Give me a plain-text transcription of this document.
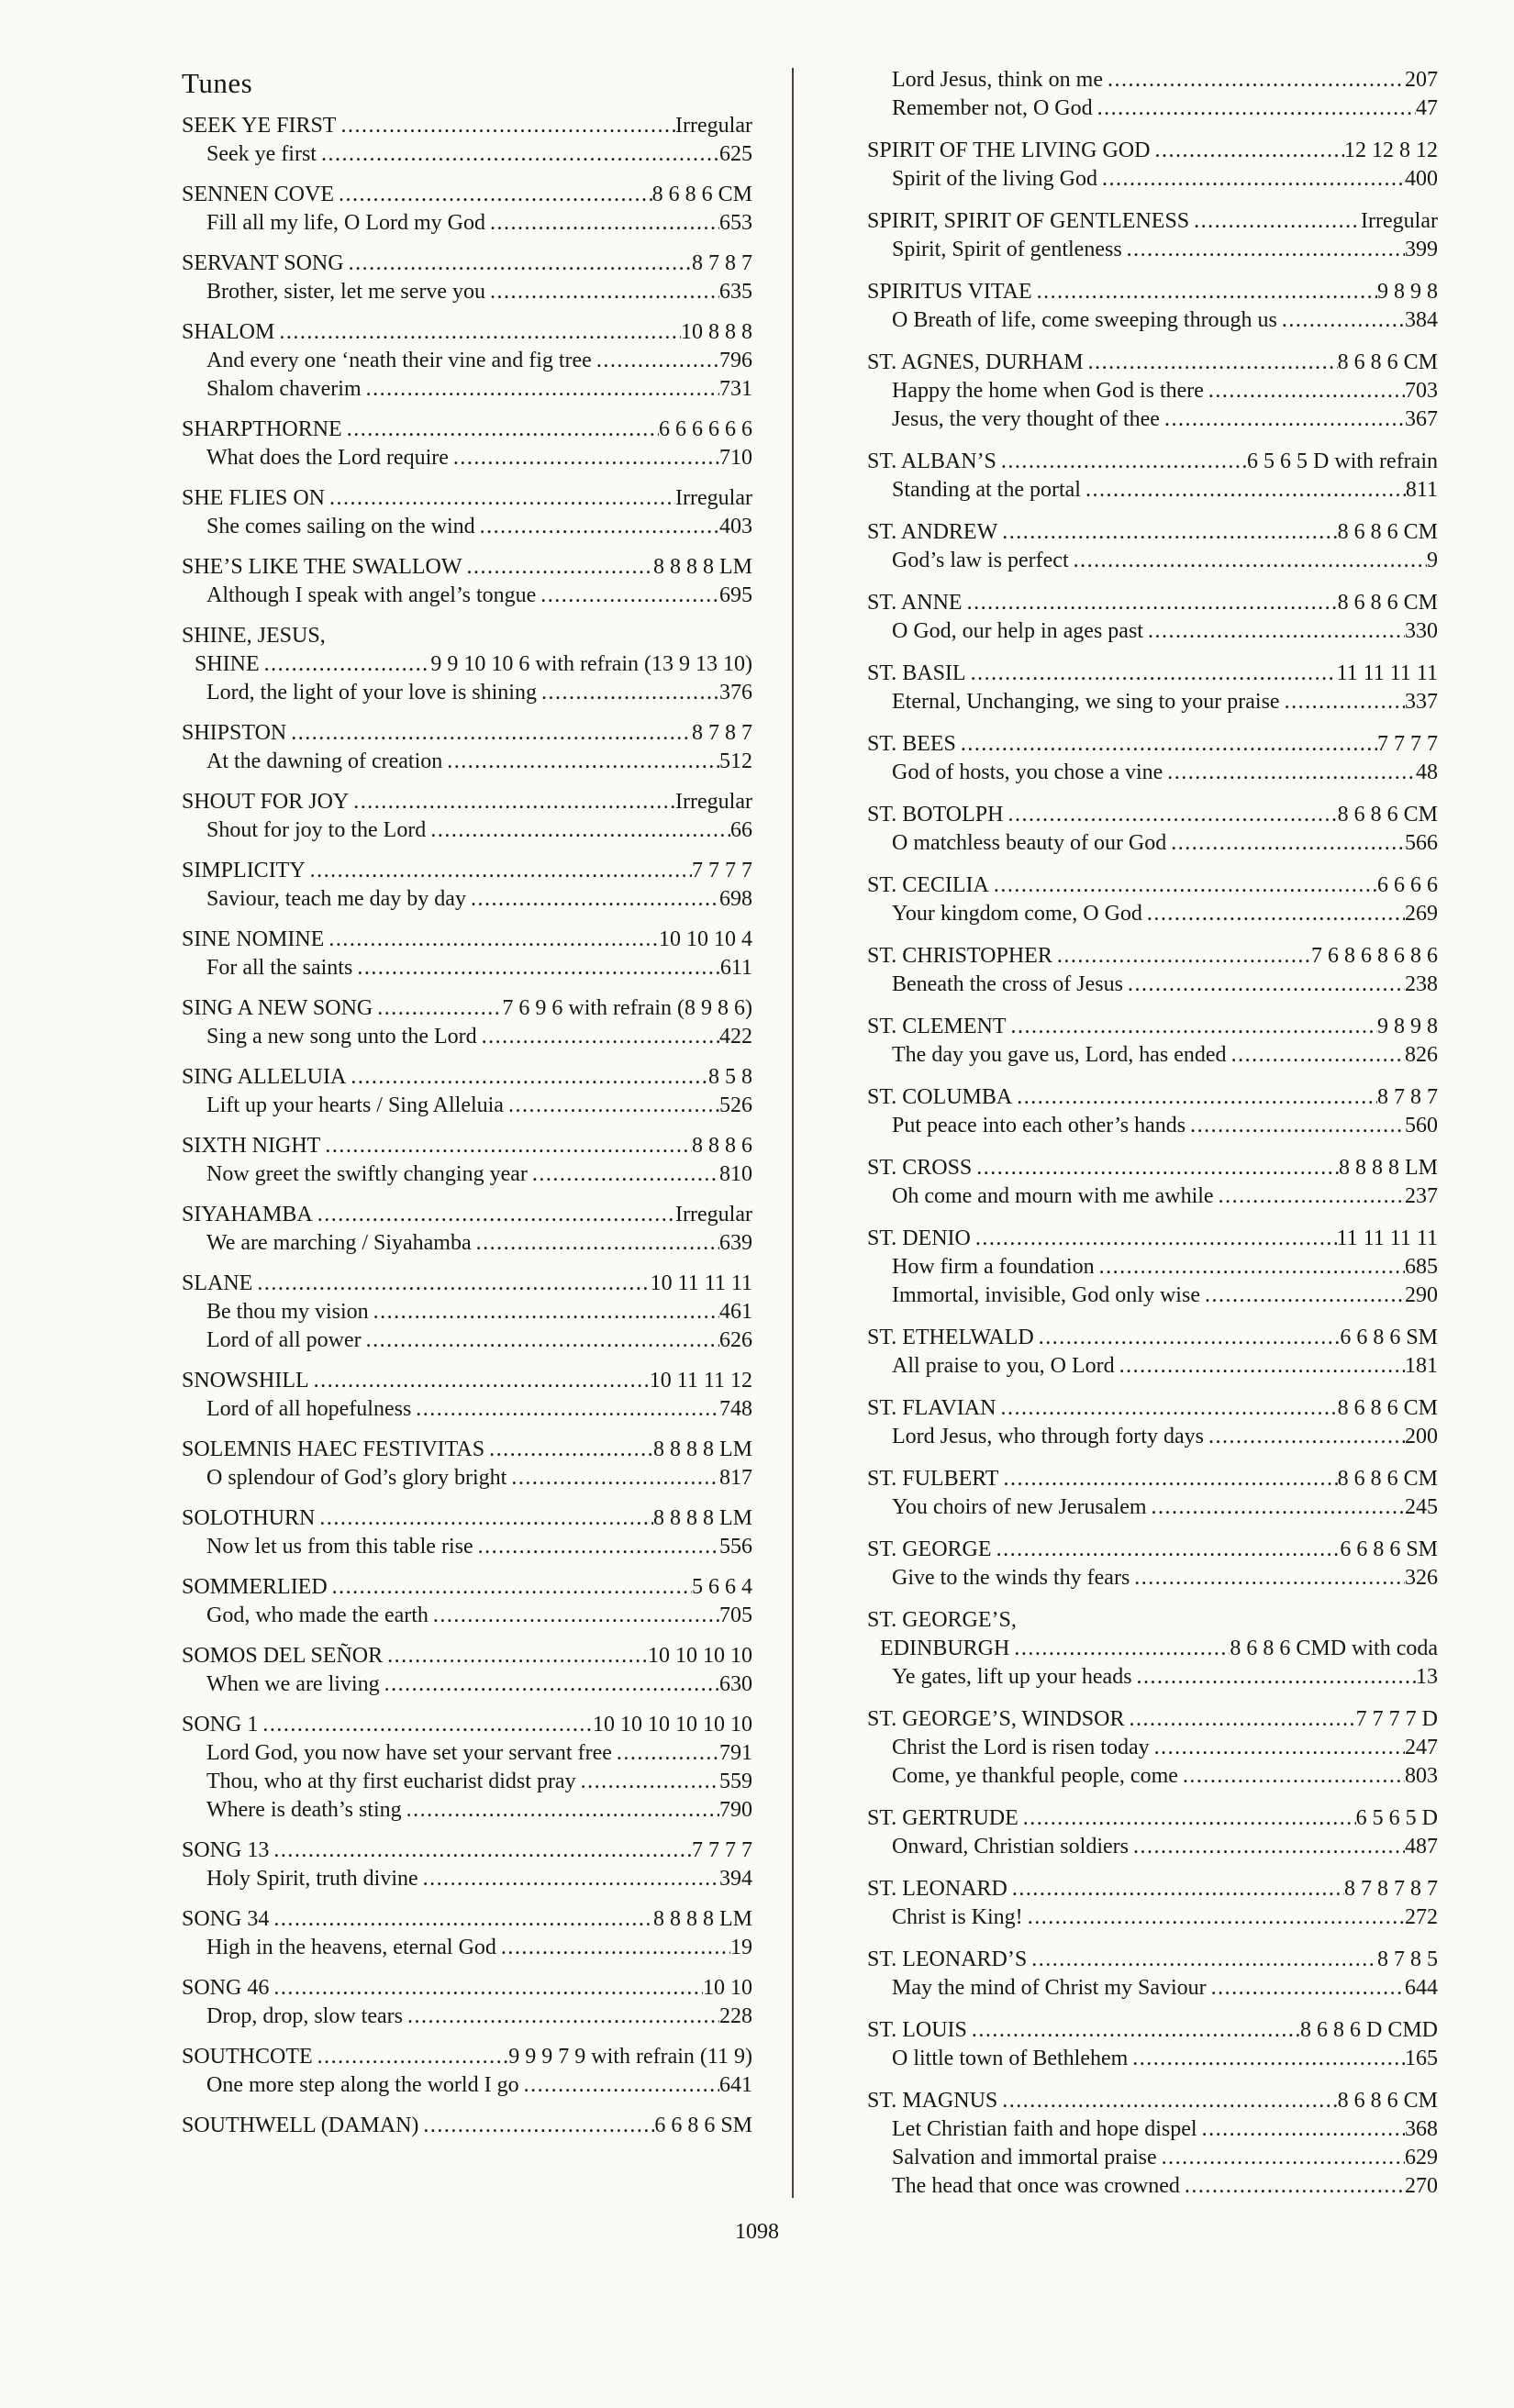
Tunes
SEEK YE FIRST .....	Irregular
Seek ye first .....	625
SENNEN COVE .....	8 6 8 6 CM
Fill all my life, O Lord my God .....	653
SERVANT SONG .....	8 7 8 7
Brother, sister, let me serve you .....	635
SHALOM .....	10 8 8 8
And every one ‘neath their vine and fig tree .....	796
Shalom chaverim .....	731
SHARPTHORNE .....	6 6 6 6 6 6
What does the Lord require .....	710
SHE FLIES ON .....	Irregular
She comes sailing on the wind .....	403
SHE’S LIKE THE SWALLOW .....	8 8 8 8 LM
Although I speak with angel’s tongue .....	695
SHINE, JESUS,
SHINE .....	9 9 10 10 6 with refrain (13 9 13 10)
Lord, the light of your love is shining .....	376
SHIPSTON .....	8 7 8 7
At the dawning of creation .....	512
SHOUT FOR JOY .....	Irregular
Shout for joy to the Lord .....	66
SIMPLICITY .....	7 7 7 7
Saviour, teach me day by day .....	698
SINE NOMINE .....	10 10 10 4
For all the saints .....	611
SING A NEW SONG .....	7 6 9 6 with refrain (8 9 8 6)
Sing a new song unto the Lord .....	422
SING ALLELUIA .....	8 5 8
Lift up your hearts / Sing Alleluia .....	526
SIXTH NIGHT .....	8 8 8 6
Now greet the swiftly changing year .....	810
SIYAHAMBA .....	Irregular
We are marching / Siyahamba .....	639
SLANE .....	10 11 11 11
Be thou my vision .....	461
Lord of all power .....	626
SNOWSHILL .....	10 11 11 12
Lord of all hopefulness .....	748
SOLEMNIS HAEC FESTIVITAS .....	8 8 8 8 LM
O splendour of God’s glory bright .....	817
SOLOTHURN .....	8 8 8 8 LM
Now let us from this table rise .....	556
SOMMERLIED .....	5 6 6 4
God, who made the earth .....	705
SOMOS DEL SEÑOR .....	10 10 10 10
When we are living .....	630
SONG 1 .....	10 10 10 10 10 10
Lord God, you now have set your servant free .....	791
Thou, who at thy first eucharist didst pray .....	559
Where is death’s sting .....	790
SONG 13 .....	7 7 7 7
Holy Spirit, truth divine .....	394
SONG 34 .....	8 8 8 8 LM
High in the heavens, eternal God .....	19
SONG 46 .....	10 10
Drop, drop, slow tears .....	228
SOUTHCOTE .....	9 9 9 7 9 with refrain (11 9)
One more step along the world I go .....	641
SOUTHWELL (DAMAN) .....	6 6 8 6 SM
Lord Jesus, think on me .....	207
Remember not, O God .....	47
SPIRIT OF THE LIVING GOD .....	12 12 8 12
Spirit of the living God .....	400
SPIRIT, SPIRIT OF GENTLENESS .....	Irregular
Spirit, Spirit of gentleness .....	399
SPIRITUS VITAE .....	9 8 9 8
O Breath of life, come sweeping through us .....	384
ST. AGNES, DURHAM .....	8 6 8 6 CM
Happy the home when God is there .....	703
Jesus, the very thought of thee .....	367
ST. ALBAN’S .....	6 5 6 5 D with refrain
Standing at the portal .....	811
ST. ANDREW .....	8 6 8 6 CM
God’s law is perfect .....	9
ST. ANNE .....	8 6 8 6 CM
O God, our help in ages past .....	330
ST. BASIL .....	11 11 11 11
Eternal, Unchanging, we sing to your praise .....	337
ST. BEES .....	7 7 7 7
God of hosts, you chose a vine .....	48
ST. BOTOLPH .....	8 6 8 6 CM
O matchless beauty of our God .....	566
ST. CECILIA .....	6 6 6 6
Your kingdom come, O God .....	269
ST. CHRISTOPHER .....	7 6 8 6 8 6 8 6
Beneath the cross of Jesus .....	238
ST. CLEMENT .....	9 8 9 8
The day you gave us, Lord, has ended .....	826
ST. COLUMBA .....	8 7 8 7
Put peace into each other’s hands .....	560
ST. CROSS .....	8 8 8 8 LM
Oh come and mourn with me awhile .....	237
ST. DENIO .....	11 11 11 11
How firm a foundation .....	685
Immortal, invisible, God only wise .....	290
ST. ETHELWALD .....	6 6 8 6 SM
All praise to you, O Lord .....	181
ST. FLAVIAN .....	8 6 8 6 CM
Lord Jesus, who through forty days .....	200
ST. FULBERT .....	8 6 8 6 CM
You choirs of new Jerusalem .....	245
ST. GEORGE .....	6 6 8 6 SM
Give to the winds thy fears .....	326
ST. GEORGE’S,
EDINBURGH .....	8 6 8 6 CMD with coda
Ye gates, lift up your heads .....	13
ST. GEORGE’S, WINDSOR .....	7 7 7 7 D
Christ the Lord is risen today .....	247
Come, ye thankful people, come .....	803
ST. GERTRUDE .....	6 5 6 5 D
Onward, Christian soldiers .....	487
ST. LEONARD .....	8 7 8 7 8 7
Christ is King! .....	272
ST. LEONARD’S .....	8 7 8 5
May the mind of Christ my Saviour .....	644
ST. LOUIS .....	8 6 8 6 D CMD
O little town of Bethlehem .....	165
ST. MAGNUS .....	8 6 8 6 CM
Let Christian faith and hope dispel .....	368
Salvation and immortal praise .....	629
The head that once was crowned .....	270
1098
